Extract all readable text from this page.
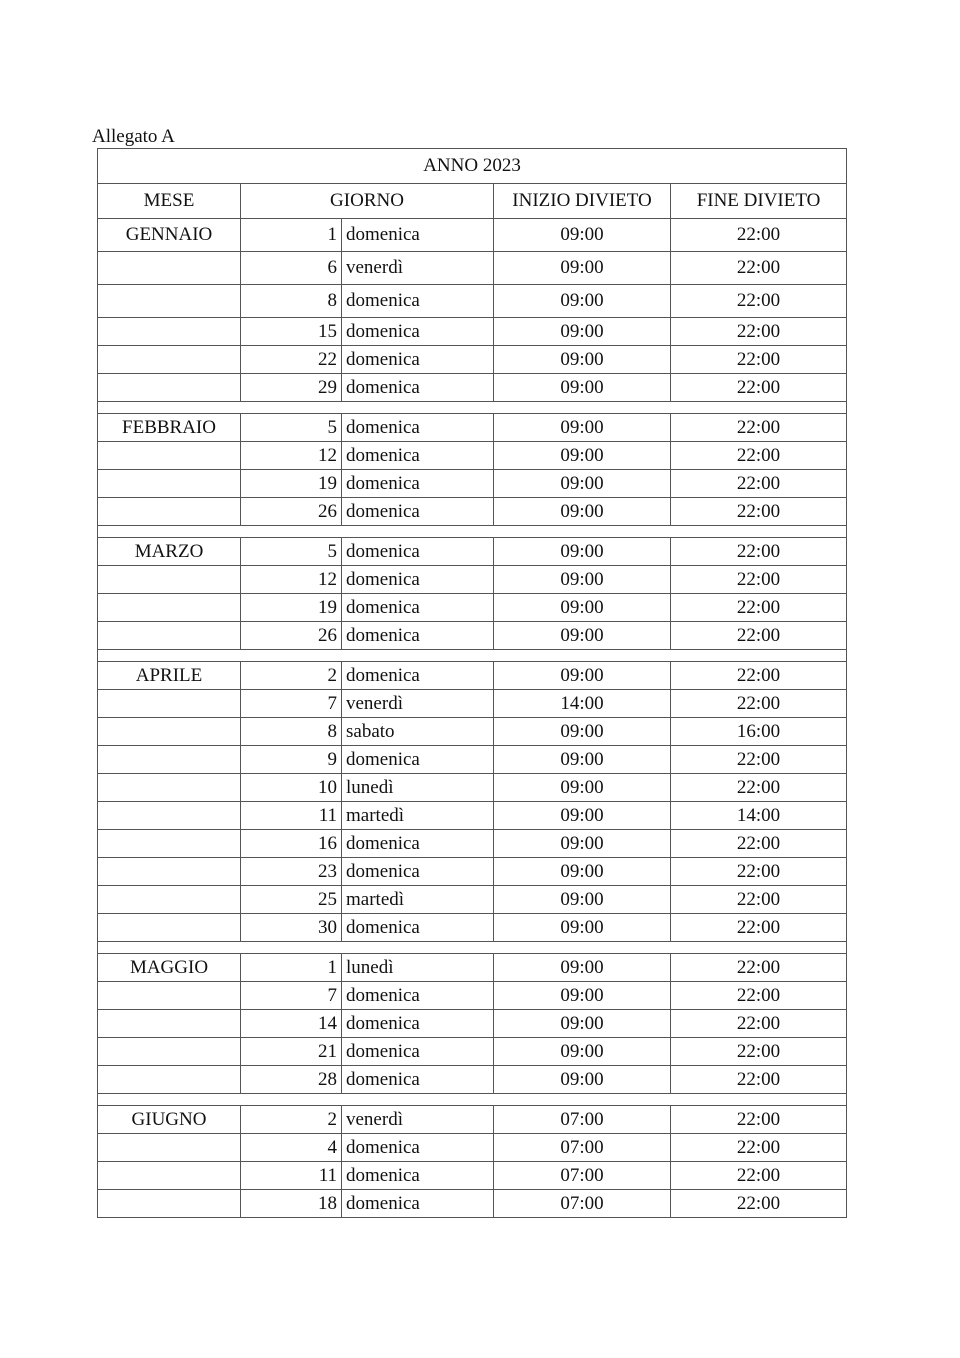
Allegato A
ANNO 2023				
MESE	GIORNO		INIZIO DIVIETO	FINE DIVIETO
GENNAIO	1	domenica	09:00	22:00
	6	venerdì	09:00	22:00
	8	domenica	09:00	22:00
	15	domenica	09:00	22:00
	22	domenica	09:00	22:00
	29	domenica	09:00	22:00

FEBBRAIO	5	domenica	09:00	22:00
	12	domenica	09:00	22:00
	19	domenica	09:00	22:00
	26	domenica	09:00	22:00

MARZO	5	domenica	09:00	22:00
	12	domenica	09:00	22:00
	19	domenica	09:00	22:00
	26	domenica	09:00	22:00

APRILE	2	domenica	09:00	22:00
	7	venerdì	14:00	22:00
	8	sabato	09:00	16:00
	9	domenica	09:00	22:00
	10	lunedì	09:00	22:00
	11	martedì	09:00	14:00
	16	domenica	09:00	22:00
	23	domenica	09:00	22:00
	25	martedì	09:00	22:00
	30	domenica	09:00	22:00

MAGGIO	1	lunedì	09:00	22:00
	7	domenica	09:00	22:00
	14	domenica	09:00	22:00
	21	domenica	09:00	22:00
	28	domenica	09:00	22:00

GIUGNO	2	venerdì	07:00	22:00
	4	domenica	07:00	22:00
	11	domenica	07:00	22:00
	18	domenica	07:00	22:00
